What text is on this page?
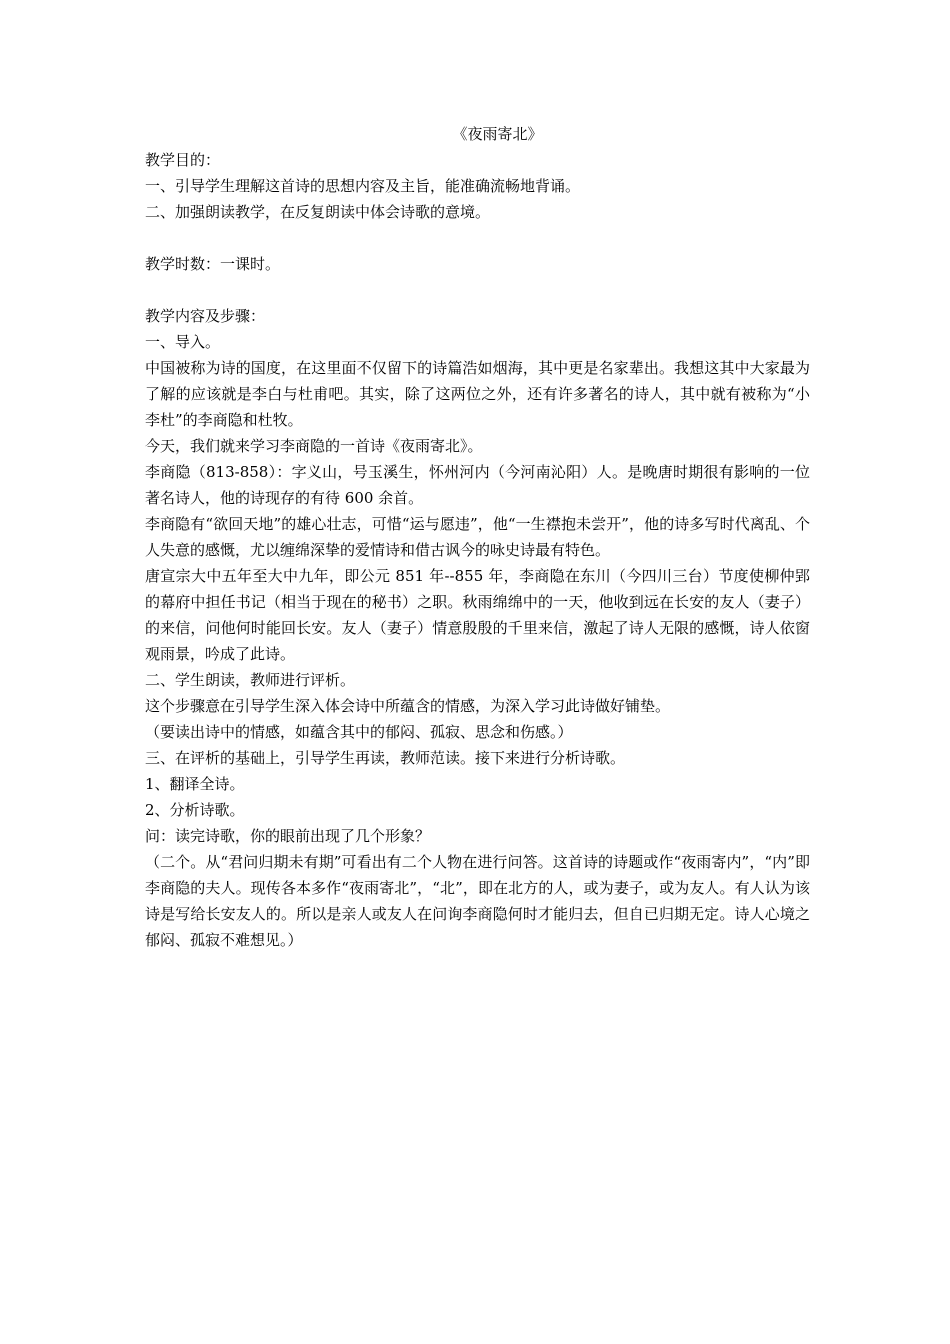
《夜雨寄北》

教学目的：

一、引导学生理解这首诗的思想内容及主旨，能准确流畅地背诵。

二、加强朗读教学，在反复朗读中体会诗歌的意境。

教学时数：一课时。

教学内容及步骤：

一、导入。

中国被称为诗的国度，在这里面不仅留下的诗篇浩如烟海，其中更是名家辈出。我想这其中大家最为了解的应该就是李白与杜甫吧。其实，除了这两位之外，还有许多著名的诗人，其中就有被称为“小李杜”的李商隐和杜牧。

今天，我们就来学习李商隐的一首诗《夜雨寄北》。

李商隐（813-858）：字义山，号玉溪生，怀州河内（今河南沁阳）人。是晚唐时期很有影响的一位著名诗人，他的诗现存的有待 600 余首。

李商隐有“欲回天地”的雄心壮志，可惜“运与愿违”，他“一生襟抱未尝开”，他的诗多写时代离乱、个人失意的感慨，尤以缠绵深挚的爱情诗和借古讽今的咏史诗最有特色。

唐宣宗大中五年至大中九年，即公元 851 年--855 年，李商隐在东川（今四川三台）节度使柳仲郢的幕府中担任书记（相当于现在的秘书）之职。秋雨绵绵中的一天，他收到远在长安的友人（妻子）的来信，问他何时能回长安。友人（妻子）情意殷殷的千里来信，激起了诗人无限的感慨，诗人依窗观雨景，吟成了此诗。

二、学生朗读，教师进行评析。

这个步骤意在引导学生深入体会诗中所蕴含的情感，为深入学习此诗做好铺垫。

（要读出诗中的情感，如蕴含其中的郁闷、孤寂、思念和伤感。）

三、在评析的基础上，引导学生再读，教师范读。接下来进行分析诗歌。

1、翻译全诗。

2、分析诗歌。

问：读完诗歌，你的眼前出现了几个形象？

（二个。从“君问归期未有期”可看出有二个人物在进行问答。这首诗的诗题或作“夜雨寄内”，“内”即李商隐的夫人。现传各本多作“夜雨寄北”，“北”，即在北方的人，或为妻子，或为友人。有人认为该诗是写给长安友人的。所以是亲人或友人在问询李商隐何时才能归去，但自已归期无定。诗人心境之郁闷、孤寂不难想见。）
